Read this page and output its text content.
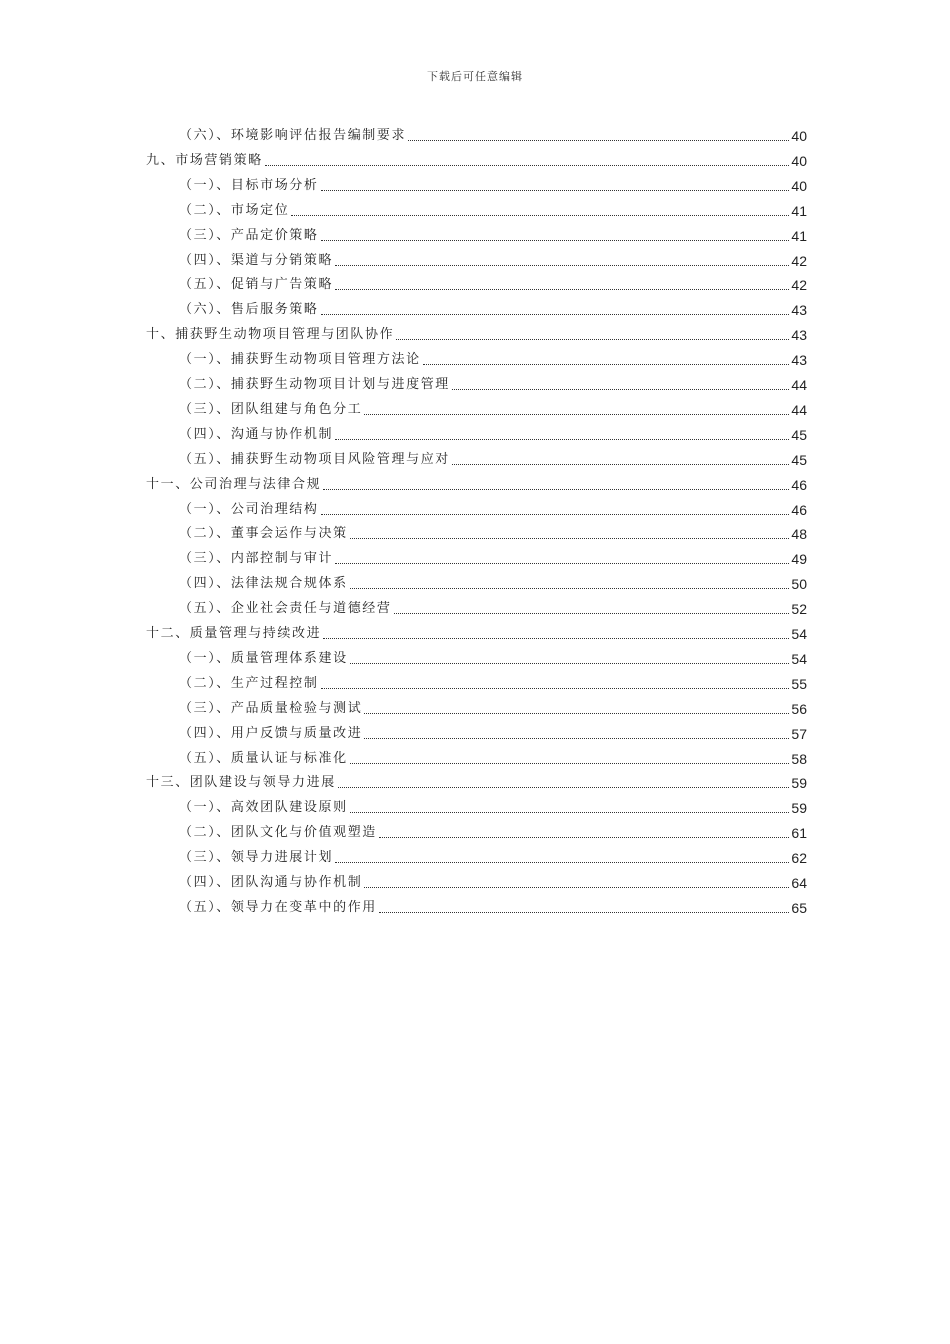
下载后可任意编辑
（六）、环境影响评估报告编制要求	40
九、市场营销策略	40
（一）、目标市场分析	40
（二）、市场定位	41
（三）、产品定价策略	41
（四）、渠道与分销策略	42
（五）、促销与广告策略	42
（六）、售后服务策略	43
十、捕获野生动物项目管理与团队协作	43
（一）、捕获野生动物项目管理方法论	43
（二）、捕获野生动物项目计划与进度管理	44
（三）、团队组建与角色分工	44
（四）、沟通与协作机制	45
（五）、捕获野生动物项目风险管理与应对	45
十一、公司治理与法律合规	46
（一）、公司治理结构	46
（二）、董事会运作与决策	48
（三）、内部控制与审计	49
（四）、法律法规合规体系	50
（五）、企业社会责任与道德经营	52
十二、质量管理与持续改进	54
（一）、质量管理体系建设	54
（二）、生产过程控制	55
（三）、产品质量检验与测试	56
（四）、用户反馈与质量改进	57
（五）、质量认证与标准化	58
十三、团队建设与领导力进展	59
（一）、高效团队建设原则	59
（二）、团队文化与价值观塑造	61
（三）、领导力进展计划	62
（四）、团队沟通与协作机制	64
（五）、领导力在变革中的作用	65
